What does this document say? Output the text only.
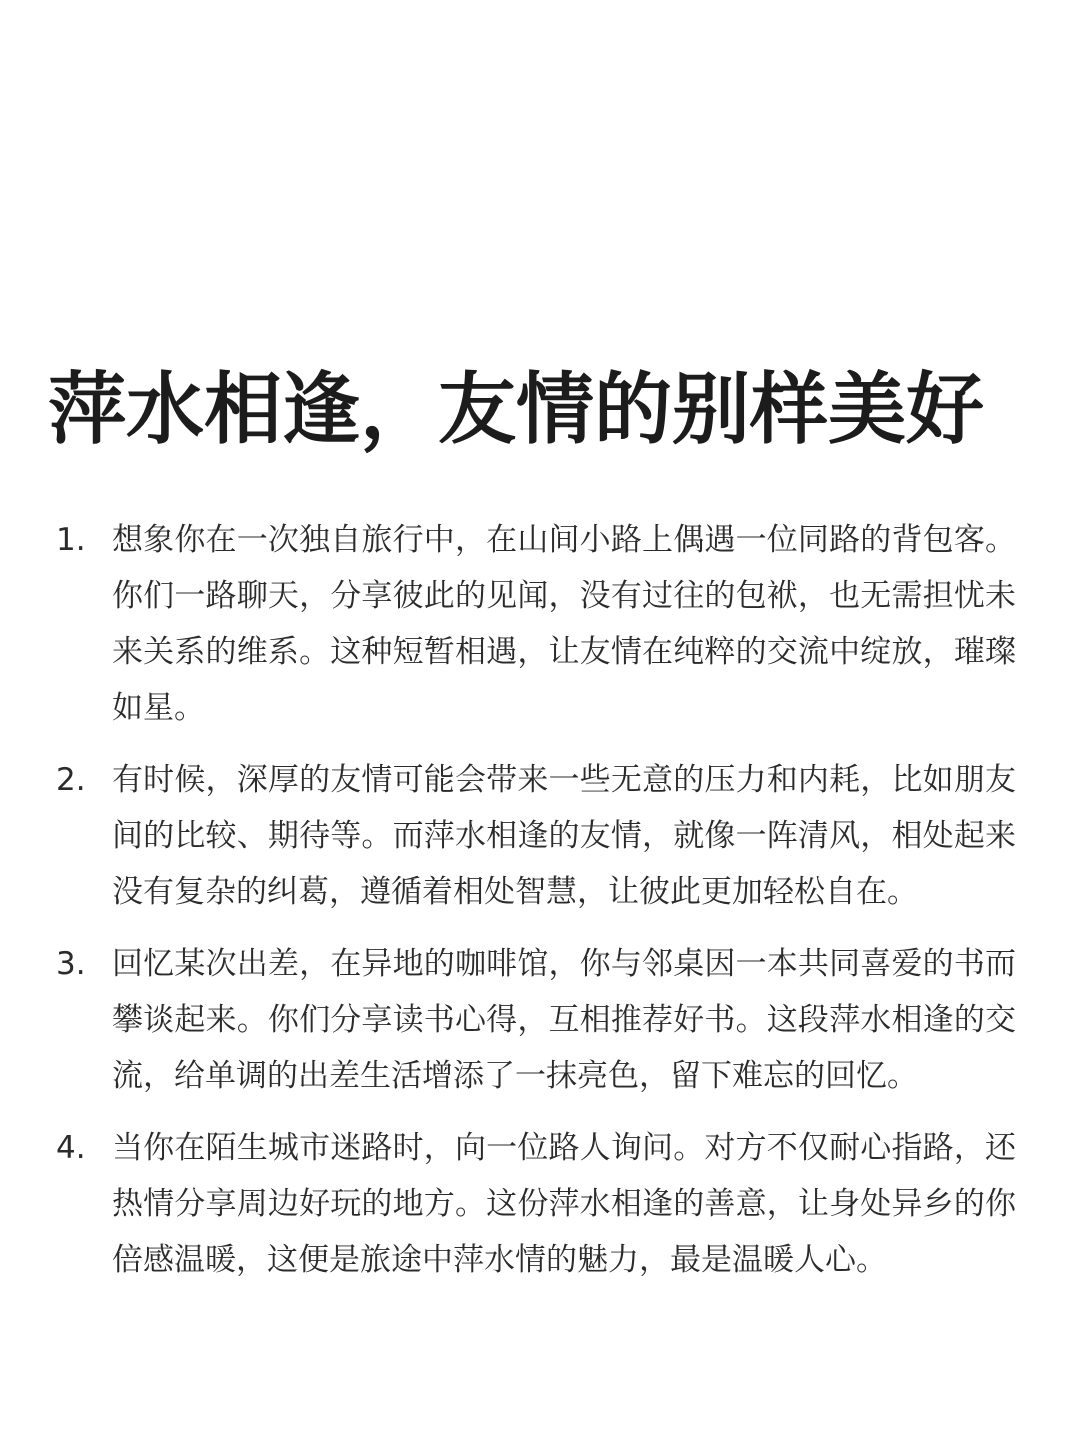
萍水相逢，友情的别样美好
1. 想象你在一次独自旅行中，在山间小路上偶遇一位同路的背包客。你们一路聊天，分享彼此的见闻，没有过往的包袱，也无需担忧未来关系的维系。这种短暂相遇，让友情在纯粹的交流中绽放，璀璨如星。
2. 有时候，深厚的友情可能会带来一些无意的压力和内耗，比如朋友间的比较、期待等。而萍水相逢的友情，就像一阵清风，相处起来没有复杂的纠葛，遵循着相处智慧，让彼此更加轻松自在。
3. 回忆某次出差，在异地的咖啡馆，你与邻桌因一本共同喜爱的书而攀谈起来。你们分享读书心得，互相推荐好书。这段萍水相逢的交流，给单调的出差生活增添了一抹亮色，留下难忘的回忆。
4. 当你在陌生城市迷路时，向一位路人询问。对方不仅耐心指路，还热情分享周边好玩的地方。这份萍水相逢的善意，让身处异乡的你倍感温暖，这便是旅途中萍水情的魅力，最是温暖人心。
